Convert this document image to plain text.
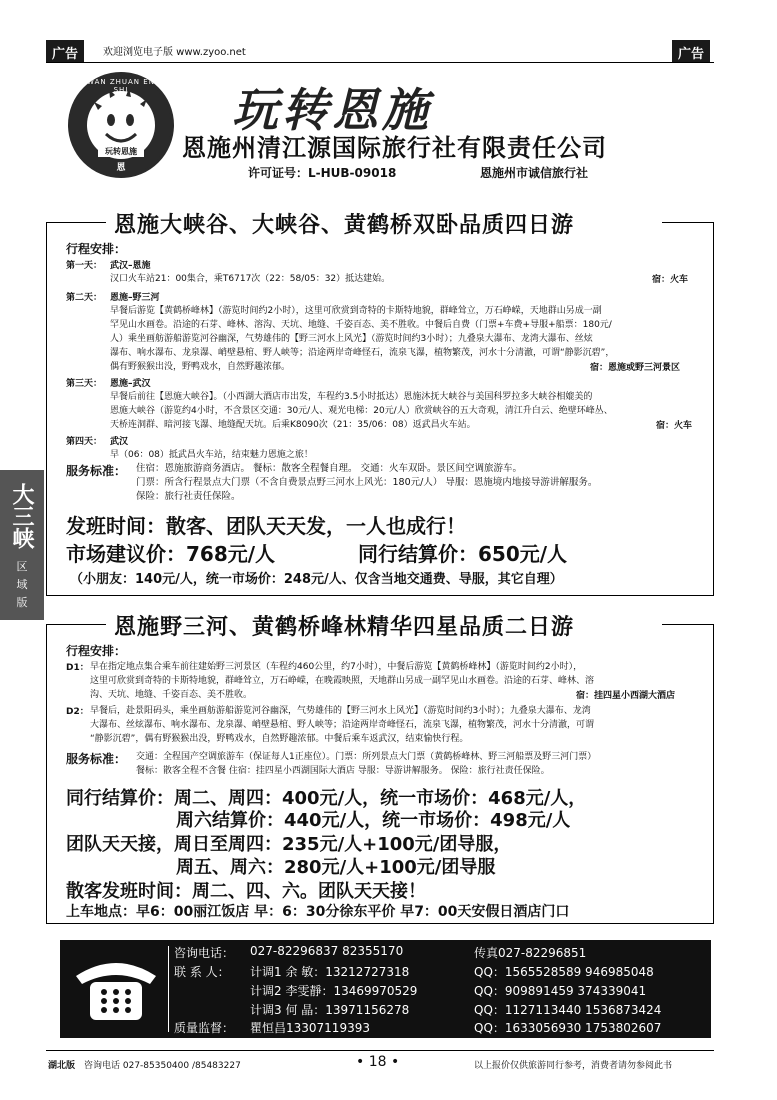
广告	欢迎浏览电子版 www.zyoo.net	广告
WAN ZHUAN EN SHI
玩转恩施
恩
玩转恩施
恩施州清江源国际旅行社有限责任公司
许可证号：L-HUB-09018	恩施州市诚信旅行社
恩施大峡谷、大峡谷、黄鹤桥双卧品质四日游
行程安排：
第一天： 武汉–恩施
汉口火车站21：00集合，乘T6717次（22：58/05：32）抵达建始。	宿：火车
第二天： 恩施–野三河
早餐后游览【黄鹤桥峰林】（游览时间约2小时），这里可欣赏到奇特的卡斯特地貌，群峰耸立，万石峥嵘，天地群山另成一副
罕见山水画卷。沿途的石芽、峰林、溶沟、天坑、地缝、千姿百态、美不胜收。中餐后自费（门票+车费+导服+船票：180元/
人）乘坐画舫游船游览河谷幽深，气势雄伟的【野三河水上风光】（游览时间约3小时）；九叠泉大瀑布、龙湾大瀑布、丝炫
瀑布、响水瀑布、龙泉瀑、峭壁悬棺、野人峡等；沿途两岸奇峰怪石，流泉飞瀑，植物繁茂，河水十分清澈，可谓“静影沉碧”，
偶有野猴猴出没，野鸭戏水，自然野趣浓郁。	宿：恩施或野三河景区
第三天： 恩施–武汉
早餐后前往【恩施大峡谷】。（小西湖大酒店市出发，车程约3.5小时抵达）恩施沐抚大峡谷与美国科罗拉多大峡谷相媲美的
恩施大峡谷（游览约4小时，不含景区交通：30元/人、观光电梯：20元/人）欣赏峡谷的五大奇观，清江升白云、绝壁环峰丛、
天桥连洞群、暗河接飞瀑、地缝配天坑。后乘K8090次（21：35/06：08）返武昌火车站。	宿：火车
第四天： 武汉
早（06：08）抵武昌火车站，结束魅力恩施之旅！
服务标准： 住宿：恩施旅游商务酒店。 餐标：散客全程餐自理。 交通：火车双卧。景区间空调旅游车。
门票：所含行程景点大门票（不含自费景点野三河水上风光：180元/人） 导服：恩施境内地接导游讲解服务。
保险：旅行社责任保险。
发班时间：散客、团队天天发，一人也成行！
市场建议价：768元/人	同行结算价：650元/人
（小朋友：140元/人，统一市场价：248元/人、仅含当地交通费、导服，其它自理）
大三峡
区
域
版
恩施野三河、黄鹤桥峰林精华四星品质二日游
行程安排：
D1： 早在指定地点集合乘车前往建始野三河景区（车程约460公里，约7小时），中餐后游览【黄鹤桥峰林】（游览时间约2小时），
这里可欣赏到奇特的卡斯特地貌，群峰耸立，万石峥嵘，在晚霞映照，天地群山另成一副罕见山水画卷。沿途的石芽、峰林、溶
沟、天坑、地缝、千姿百态、美不胜收。	宿：挂四星小西湖大酒店
D2： 早餐后，赴景阳码头，乘坐画舫游船游览河谷幽深，气势雄伟的【野三河水上风光】（游览时间约3小时）；九叠泉大瀑布、龙湾
大瀑布、丝炫瀑布、响水瀑布、龙泉瀑、峭壁悬棺、野人峡等；沿途两岸奇峰怪石，流泉飞瀑，植物繁茂，河水十分清澈，可谓
“静影沉碧”，偶有野猴猴出没，野鸭戏水，自然野趣浓郁。中餐后乘车返武汉，结束愉快行程。
服务标准： 交通：全程国产空调旅游车（保证每人1正座位）。门票：所列景点大门票（黄鹤桥峰林、野三河船票及野三河门票）
餐标：散客全程不含餐 住宿：挂四星小西湖国际大酒店 导服：导游讲解服务。 保险：旅行社责任保险。
同行结算价：周二、周四：400元/人，统一市场价：468元/人，
周六结算价：440元/人，统一市场价：498元/人
团队天天接，周日至周四：235元/人+100元/团导服，
周五、周六：280元/人+100元/团导服
散客发班时间：周二、四、六。团队天天接！
上车地点：早6：00丽江饭店 早：6：30分徐东平价 早7：00天安假日酒店门口
咨询电话： 027-82296837 82355170	传真027-82296851
联 系 人： 计调1 余 敏：13212727318	QQ：1565528589 946985048
计调2 李雯靜：13469970529	QQ：909891459 374339041
计调3 何 晶：13971156278	QQ：1127113440 1536873424
质量监督： 瞿恒昌13307119393	QQ：1633056930 1753802607
湖北版 咨询电话 027-85350400 /85483227	• 18 •	以上报价仅供旅游同行参考，消费者请勿参阅此书
